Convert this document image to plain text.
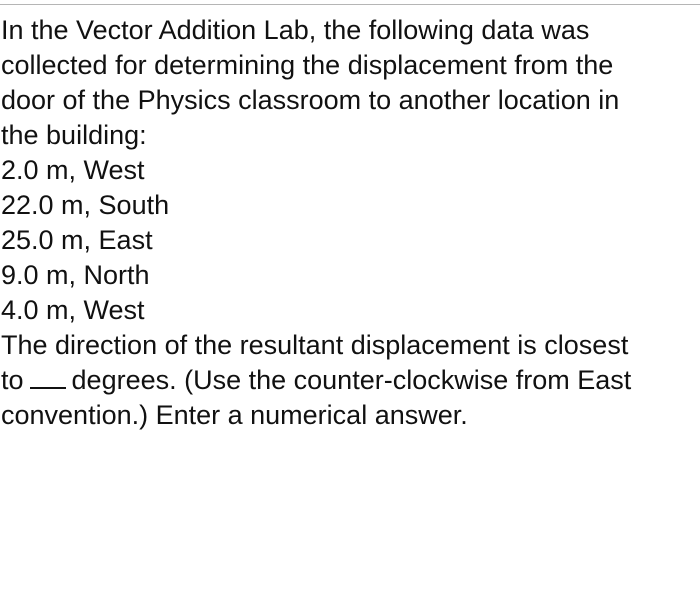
In the Vector Addition Lab, the following data was
collected for determining the displacement from the
door of the Physics classroom to another location in
the building:
2.0 m, West
22.0 m, South
25.0 m, East
9.0 m, North
4.0 m, West
The direction of the resultant displacement is closest
to degrees. (Use the counter-clockwise from East
convention.) Enter a numerical answer.
